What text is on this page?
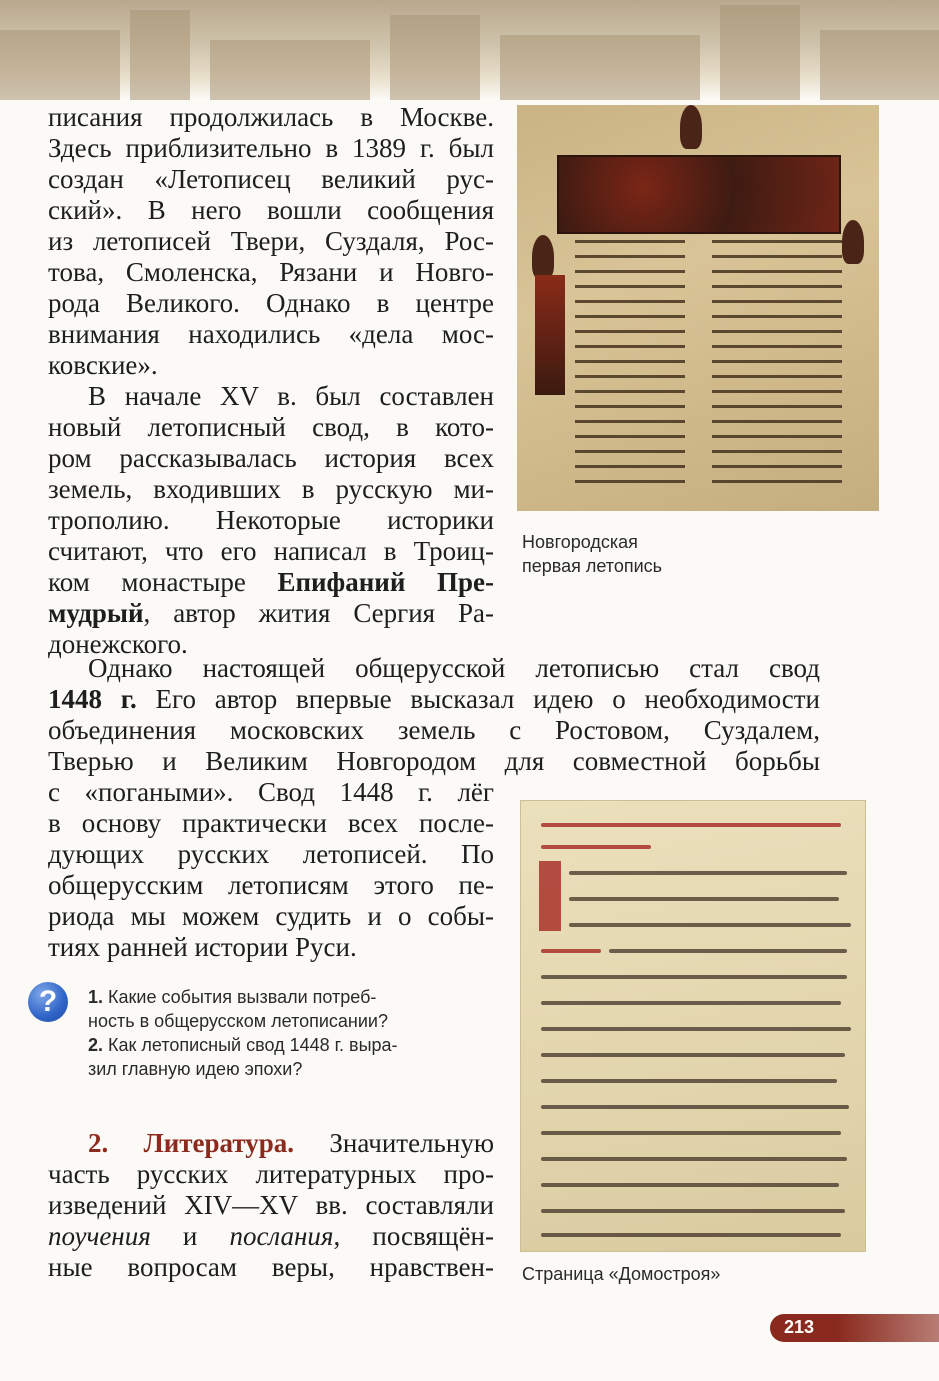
писания продолжилась в Москве.
Здесь приблизительно в 1389 г. был
создан «Летописец великий рус-
ский». В него вошли сообщения
из летописей Твери, Суздаля, Рос-
това, Смоленска, Рязани и Новго-
рода Великого. Однако в центре
внимания находились «дела мос-
ковские».
В начале XV в. был составлен
новый летописный свод, в кото-
ром рассказывалась история всех
земель, входивших в русскую ми-
трополию. Некоторые историки
считают, что его написал в Троиц-
ком монастыре Епифаний Пре-
мудрый, автор жития Сергия Ра-
донежского.
Однако настоящей общерусской летописью стал свод
1448 г. Его автор впервые высказал идею о необходимости
объединения московских земель с Ростовом, Суздалем,
Тверью и Великим Новгородом для совместной борьбы
с «погаными». Свод 1448 г. лёг
в основу практически всех после-
дующих русских летописей. По
общерусским летописям этого пе-
риода мы можем судить и о собы-
тиях ранней истории Руси.
?	1. Какие события вызвали потреб-
ность в общерусском летописании?
2. Как летописный свод 1448 г. выра-
зил главную идею эпохи?
2. Литература. Значительную
часть русских литературных про-
изведений XIV—XV вв. составляли
поучения и послания, посвящён-
ные вопросам веры, нравствен-
Новгородская
первая летопись
Страница «Домостроя»
213
